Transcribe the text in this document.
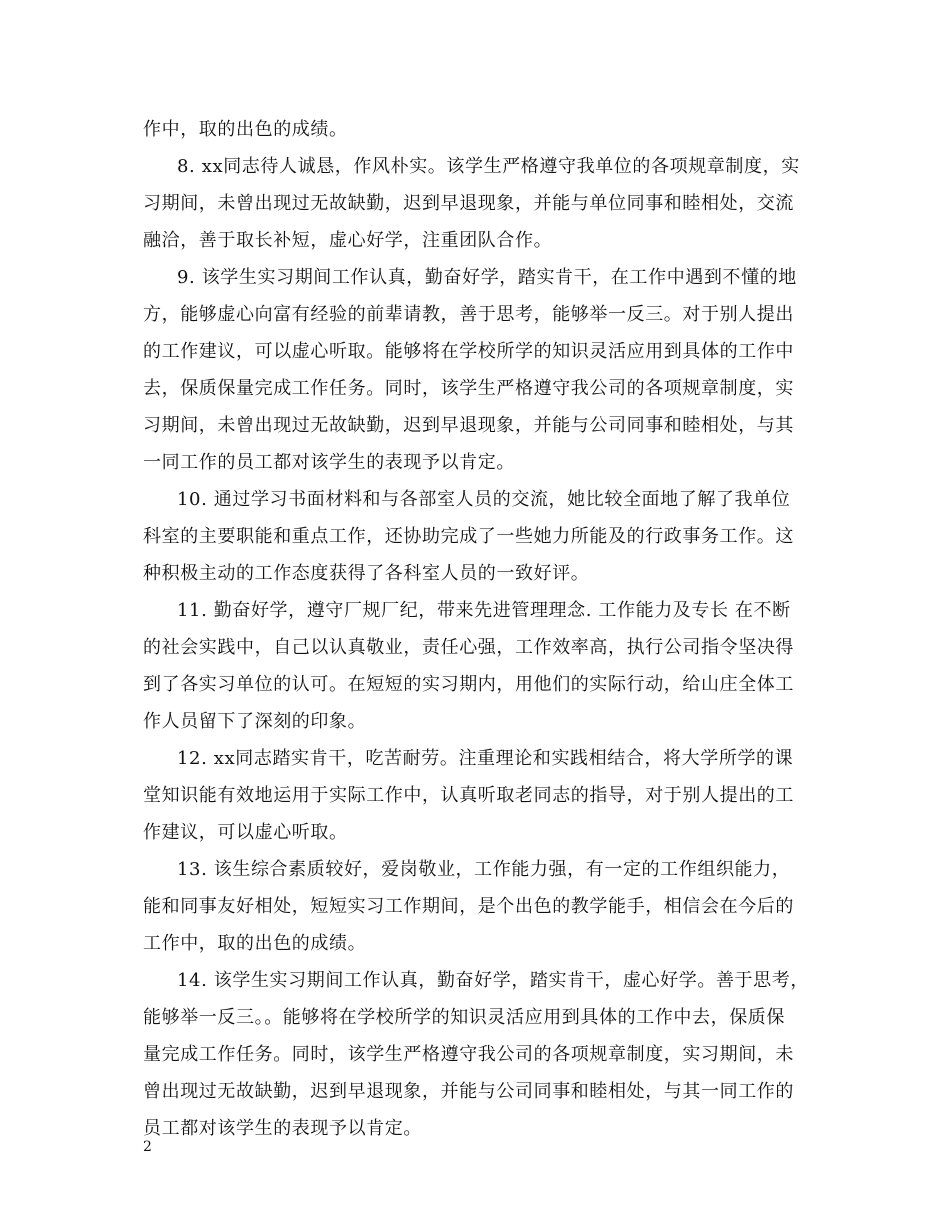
作中，取的出色的成绩。
8. xx同志待人诚恳，作风朴实。该学生严格遵守我单位的各项规章制度，实
习期间，未曾出现过无故缺勤，迟到早退现象，并能与单位同事和睦相处，交流
融洽，善于取长补短，虚心好学，注重团队合作。
9. 该学生实习期间工作认真，勤奋好学，踏实肯干，在工作中遇到不懂的地
方，能够虚心向富有经验的前辈请教，善于思考，能够举一反三。对于别人提出
的工作建议，可以虚心听取。能够将在学校所学的知识灵活应用到具体的工作中
去，保质保量完成工作任务。同时，该学生严格遵守我公司的各项规章制度，实
习期间，未曾出现过无故缺勤，迟到早退现象，并能与公司同事和睦相处，与其
一同工作的员工都对该学生的表现予以肯定。
10. 通过学习书面材料和与各部室人员的交流，她比较全面地了解了我单位
科室的主要职能和重点工作，还协助完成了一些她力所能及的行政事务工作。这
种积极主动的工作态度获得了各科室人员的一致好评。
11. 勤奋好学，遵守厂规厂纪，带来先进管理理念. 工作能力及专长 在不断
的社会实践中，自己以认真敬业，责任心强，工作效率高，执行公司指令坚决得
到了各实习单位的认可。在短短的实习期内，用他们的实际行动，给山庄全体工
作人员留下了深刻的印象。
12. xx同志踏实肯干，吃苦耐劳。注重理论和实践相结合，将大学所学的课
堂知识能有效地运用于实际工作中，认真听取老同志的指导，对于别人提出的工
作建议，可以虚心听取。
13. 该生综合素质较好，爱岗敬业，工作能力强，有一定的工作组织能力，
能和同事友好相处，短短实习工作期间，是个出色的教学能手，相信会在今后的
工作中，取的出色的成绩。
14. 该学生实习期间工作认真，勤奋好学，踏实肯干，虚心好学。善于思考，
能够举一反三。。能够将在学校所学的知识灵活应用到具体的工作中去，保质保
量完成工作任务。同时，该学生严格遵守我公司的各项规章制度，实习期间，未
曾出现过无故缺勤，迟到早退现象，并能与公司同事和睦相处，与其一同工作的
员工都对该学生的表现予以肯定。
2
